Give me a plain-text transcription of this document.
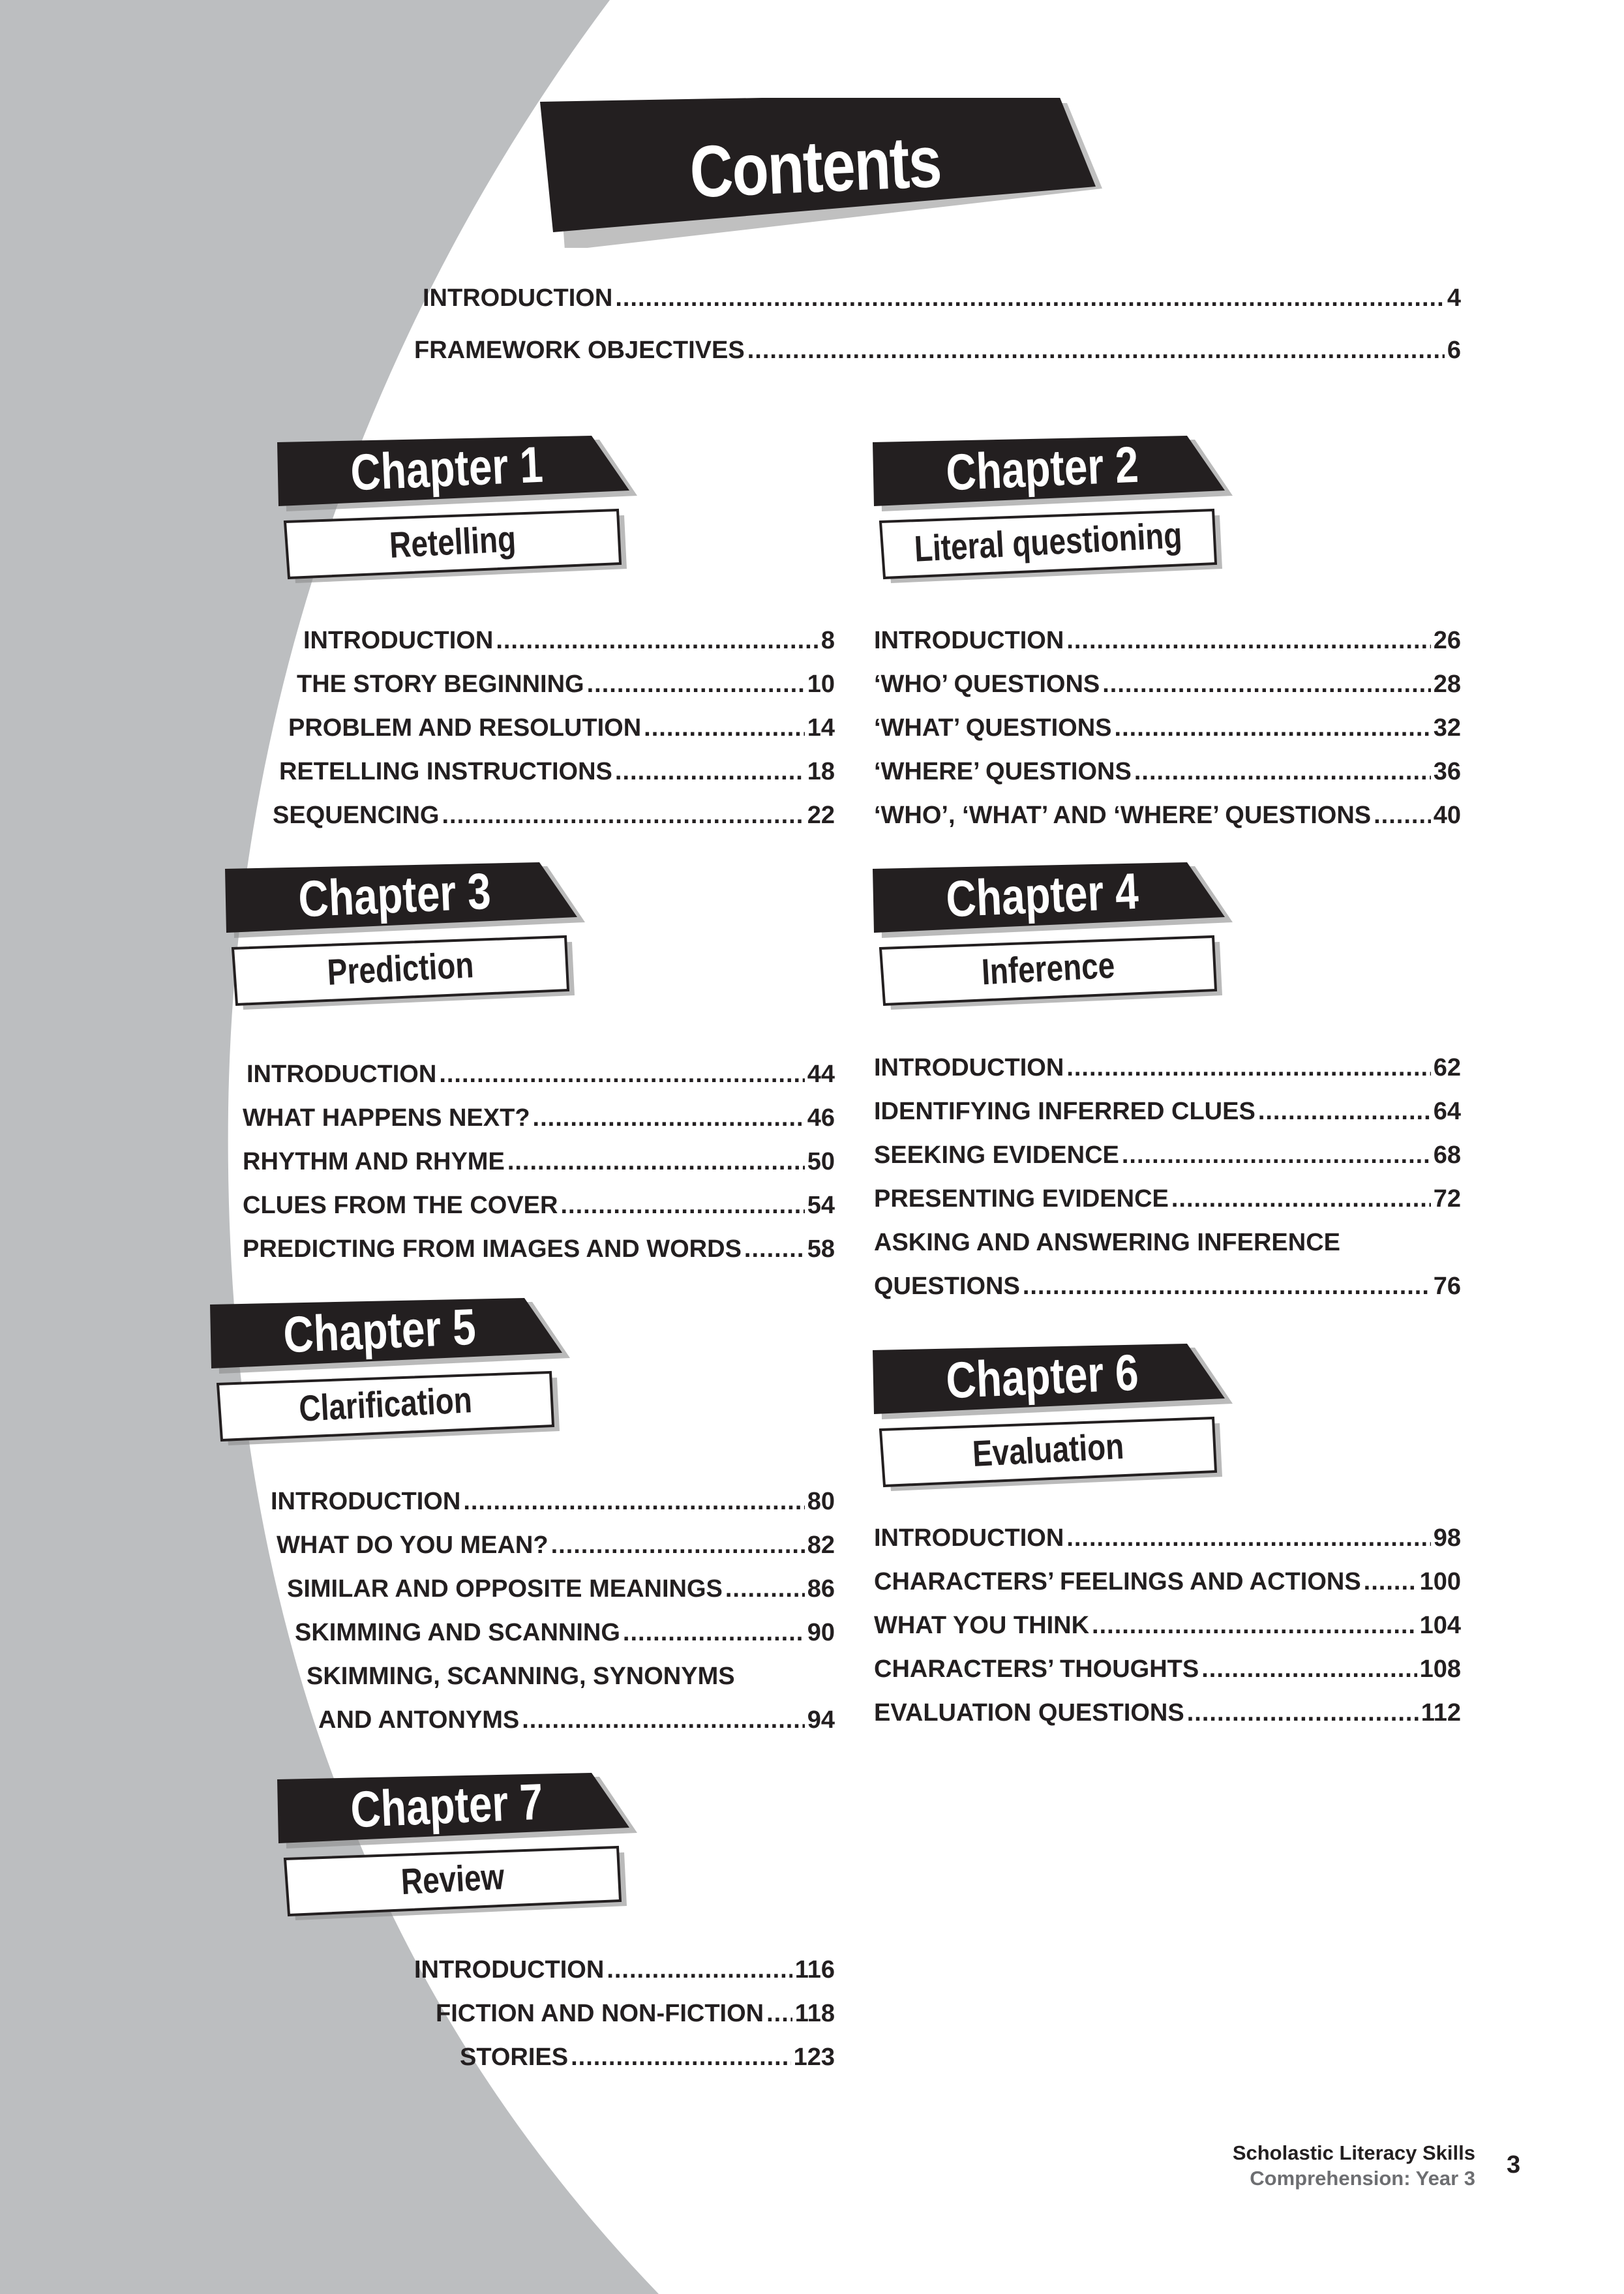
Contents
INTRODUCTION .....	4
FRAMEWORK OBJECTIVES .....	6
Chapter 1
Retelling
INTRODUCTION .....	8
THE STORY BEGINNING .....	10
PROBLEM AND RESOLUTION .....	14
RETELLING INSTRUCTIONS .....	18
SEQUENCING .....	22
Chapter 2
Literal questioning
INTRODUCTION .....	26
‘WHO’ QUESTIONS .....	28
‘WHAT’ QUESTIONS .....	32
‘WHERE’ QUESTIONS .....	36
‘WHO’, ‘WHAT’ AND ‘WHERE’ QUESTIONS .....	40
Chapter 3
Prediction
INTRODUCTION .....	44
WHAT HAPPENS NEXT? .....	46
RHYTHM AND RHYME .....	50
CLUES FROM THE COVER .....	54
PREDICTING FROM IMAGES AND WORDS .....	58
Chapter 4
Inference
INTRODUCTION .....	62
IDENTIFYING INFERRED CLUES .....	64
SEEKING EVIDENCE .....	68
PRESENTING EVIDENCE .....	72
ASKING AND ANSWERING INFERENCE
QUESTIONS .....	76
Chapter 5
Clarification
INTRODUCTION .....	80
WHAT DO YOU MEAN? .....	82
SIMILAR AND OPPOSITE MEANINGS .....	86
SKIMMING AND SCANNING .....	90
SKIMMING, SCANNING, SYNONYMS
AND ANTONYMS .....	94
Chapter 6
Evaluation
INTRODUCTION .....	98
CHARACTERS’ FEELINGS AND ACTIONS ..... 100
WHAT YOU THINK .....	104
CHARACTERS’ THOUGHTS .....	108
EVALUATION QUESTIONS .....	112
Chapter 7
Review
INTRODUCTION .....	116
FICTION AND NON-FICTION ..... 118
STORIES .....	123
Scholastic Literacy Skills
Comprehension: Year 3 3
